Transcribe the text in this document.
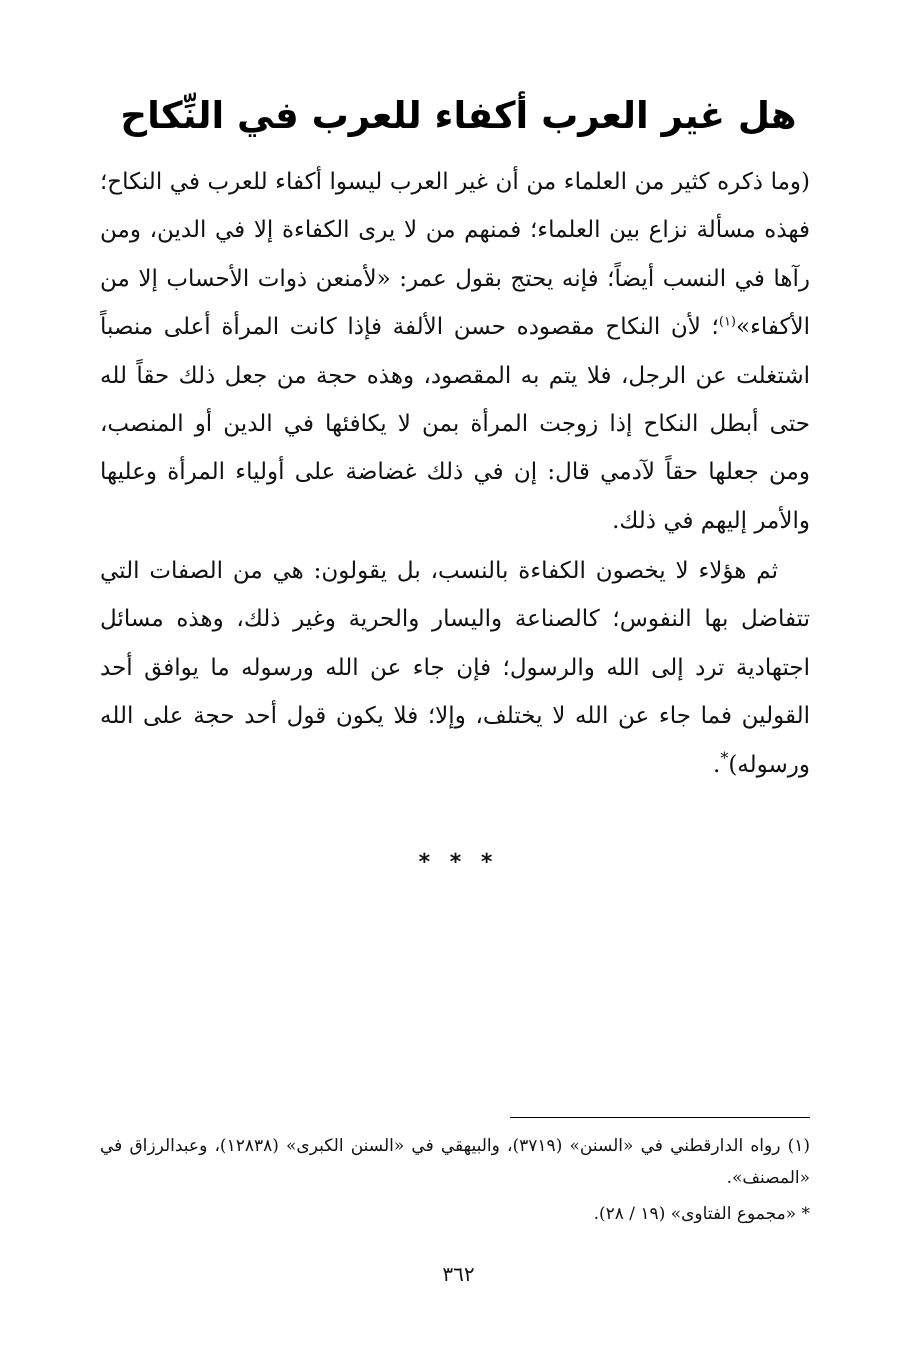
هل غير العرب أكفاء للعرب في النِّكاح

(وما ذكره كثير من العلماء من أن غير العرب ليسوا أكفاء للعرب في النكاح؛ فهذه مسألة نزاع بين العلماء؛ فمنهم من لا يرى الكفاءة إلا في الدين، ومن رآها في النسب أيضاً؛ فإنه يحتج بقول عمر: «لأمنعن ذوات الأحساب إلا من الأكفاء»$^{(١)}$؛ لأن النكاح مقصوده حسن الألفة فإذا كانت المرأة أعلى منصباً اشتغلت عن الرجل، فلا يتم به المقصود، وهذه حجة من جعل ذلك حقاً لله حتى أبطل النكاح إذا زوجت المرأة بمن لا يكافئها في الدين أو المنصب، ومن جعلها حقاً لآدمي قال: إن في ذلك غضاضة على أولياء المرأة وعليها والأمر إليهم في ذلك.

ثم هؤلاء لا يخصون الكفاءة بالنسب، بل يقولون: هي من الصفات التي تتفاضل بها النفوس؛ كالصناعة واليسار والحرية وغير ذلك، وهذه مسائل اجتهادية ترد إلى الله والرسول؛ فإن جاء عن الله ورسوله ما يوافق أحد القولين فما جاء عن الله لا يختلف، وإلا؛ فلا يكون قول أحد حجة على الله ورسوله)*.

* * *

(١) رواه الدارقطني في «السنن» (٣٧١٩)، والبيهقي في «السنن الكبرى» (١٢٨٣٨)، وعبدالرزاق في «المصنف».

* «مجموع الفتاوى» (١٩ / ٢٨).

٣٦٢
